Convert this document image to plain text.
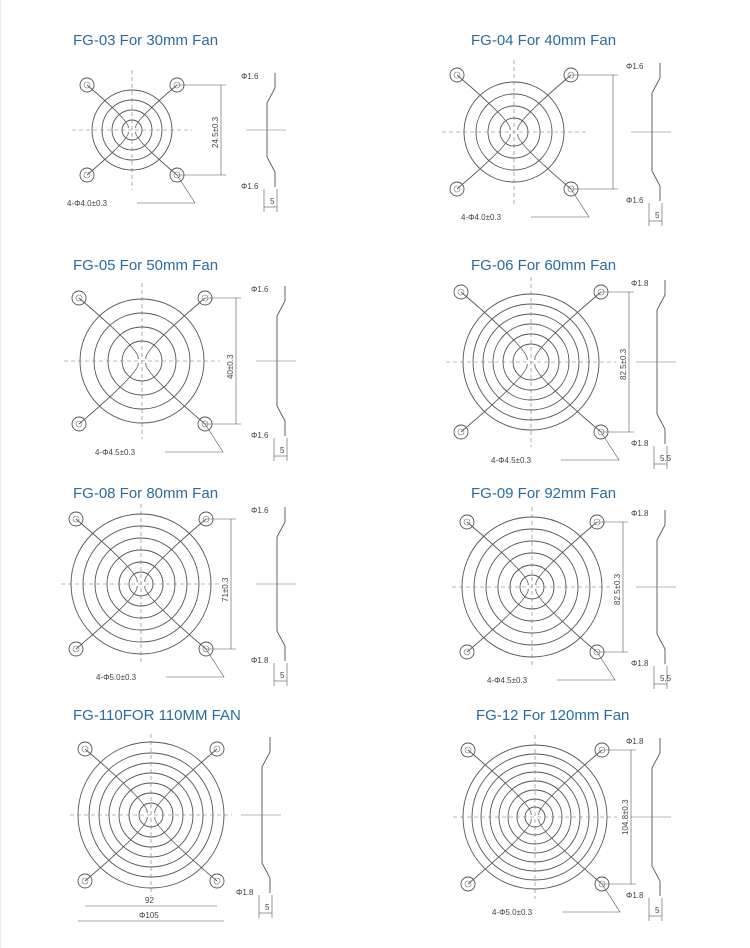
5
Φ1.6
Φ1.6
24.5±0.3
4-Φ4.0±0.3
FG-03 For 30mm Fan
5
Φ1.6
Φ1.6
4-Φ4.0±0.3
FG-04 For 40mm Fan
5
Φ1.6
Φ1.6
40±0.3
4-Φ4.5±0.3
FG-05 For 50mm Fan
5.5
Φ1.8
Φ1.8
82.5±0.3
4-Φ4.5±0.3
FG-06 For 60mm Fan
5
Φ1.8
Φ1.6
71±0.3
4-Φ5.0±0.3
FG-08 For 80mm Fan
5.5
Φ1.8
Φ1.8
82.5±0.3
4-Φ4.5±0.3
FG-09 For 92mm Fan
5
Φ1.8
92
Φ105
FG-110FOR 110MM FAN
5
Φ1.8
Φ1.8
104.8±0.3
4-Φ5.0±0.3
FG-12 For 120mm Fan
